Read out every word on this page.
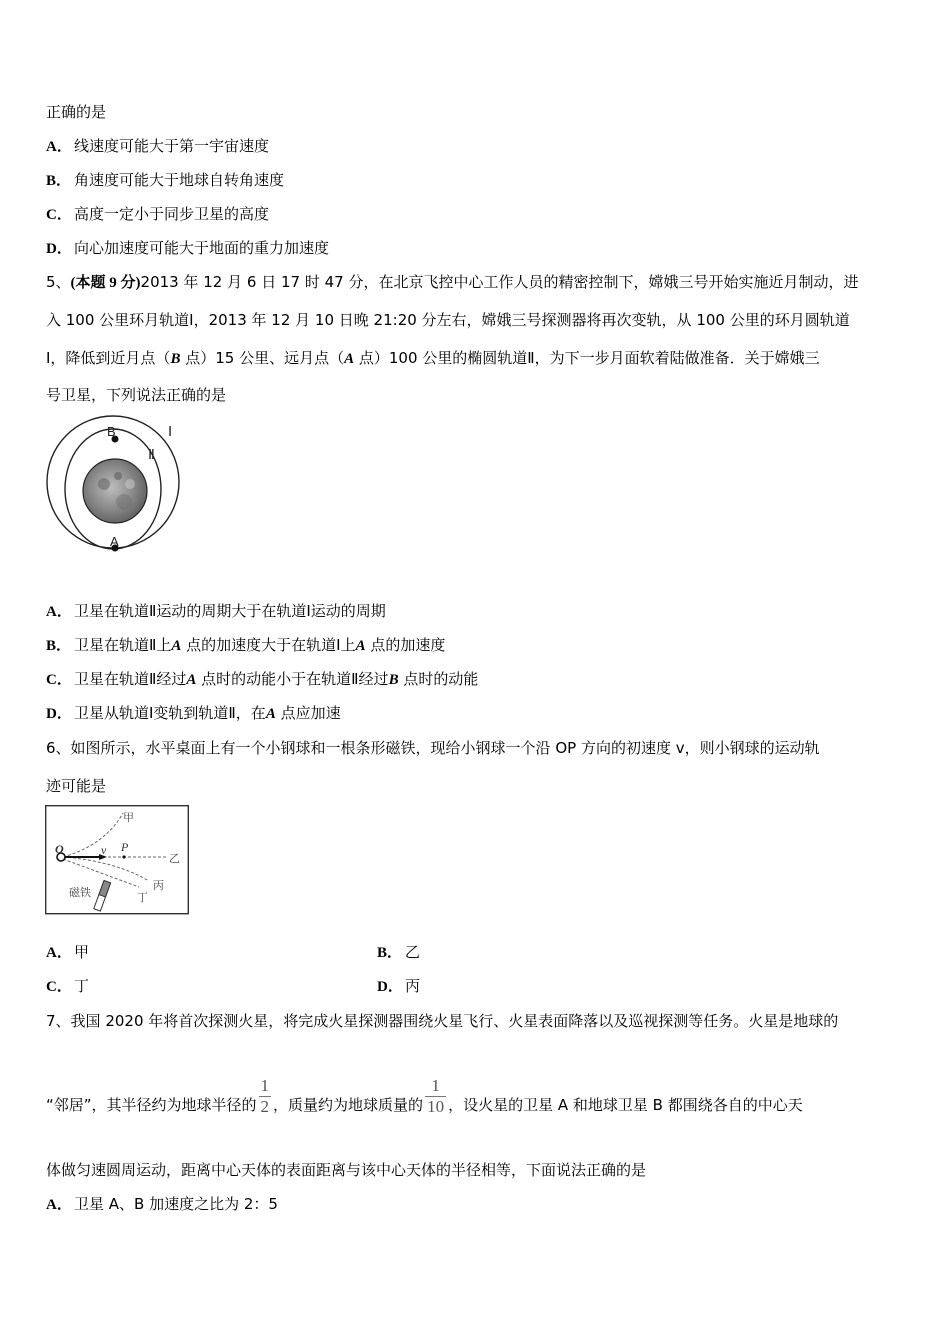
正确的是
A． 线速度可能大于第一宇宙速度
B． 角速度可能大于地球自转角速度
C． 高度一定小于同步卫星的高度
D． 向心加速度可能大于地面的重力加速度
5、(本题 9 分)2013 年 12 月 6 日 17 时 47 分，在北京飞控中心工作人员的精密控制下，嫦娥三号开始实施近月制动，进
入 100 公里环月轨道Ⅰ，2013 年 12 月 10 日晚 21:20 分左右，嫦娥三号探测器将再次变轨，从 100 公里的环月圆轨道
Ⅰ，降低到近月点（B 点）15 公里、远月点（A 点）100 公里的椭圆轨道Ⅱ，为下一步月面软着陆做准备．关于嫦娥三
号卫星，下列说法正确的是
B
A
Ⅰ
Ⅱ
A． 卫星在轨道Ⅱ运动的周期大于在轨道Ⅰ运动的周期
B． 卫星在轨道Ⅱ上A 点的加速度大于在轨道Ⅰ上A 点的加速度
C． 卫星在轨道Ⅱ经过A 点时的动能小于在轨道Ⅱ经过B 点时的动能
D． 卫星从轨道Ⅰ变轨到轨道Ⅱ，在A 点应加速
6、如图所示，水平桌面上有一个小钢球和一根条形磁铁，现给小钢球一个沿 OP 方向的初速度 v，则小钢球的运动轨
迹可能是
O	v P
甲
乙
丙
丁
磁铁
A． 甲	B． 乙
C． 丁	D． 丙
7、我国 2020 年将首次探测火星，将完成火星探测器围绕火星飞行、火星表面降落以及巡视探测等任务。火星是地球的
“邻居”，其半径约为地球半径的 $\frac{1}{2}$ ，质量约为地球质量的 $\frac{1}{10}$ ，设火星的卫星 A 和地球卫星 B 都围绕各自的中心天
体做匀速圆周运动，距离中心天体的表面距离与该中心天体的半径相等，下面说法正确的是
A． 卫星 A、B 加速度之比为 2：5
